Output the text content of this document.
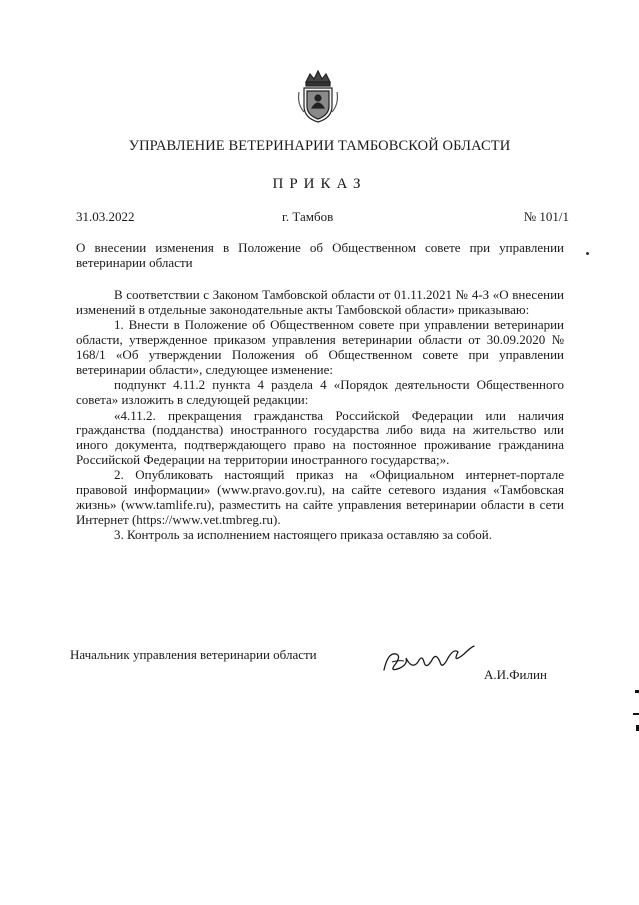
УПРАВЛЕНИЕ ВЕТЕРИНАРИИ ТАМБОВСКОЙ ОБЛАСТИ
ПРИКАЗ
31.03.2022	г. Тамбов	№ 101/1
О внесении изменения в Положение об Общественном совете при управлении ветеринарии области

В соответствии с Законом Тамбовской области от 01.11.2021 № 4-З «О внесении изменений в отдельные законодательные акты Тамбовской области» приказываю:

1. Внести в Положение об Общественном совете при управлении ветеринарии области, утвержденное приказом управления ветеринарии области от 30.09.2020 № 168/1 «Об утверждении Положения об Общественном совете при управлении ветеринарии области», следующее изменение:

подпункт 4.11.2 пункта 4 раздела 4 «Порядок деятельности Общественного совета» изложить в следующей редакции:

«4.11.2. прекращения гражданства Российской Федерации или наличия гражданства (подданства) иностранного государства либо вида на жительство или иного документа, подтверждающего право на постоянное проживание гражданина Российской Федерации на территории иностранного государства;».

2. Опубликовать настоящий приказ на «Официальном интернет-портале правовой информации» (www.pravo.gov.ru), на сайте сетевого издания «Тамбовская жизнь» (www.tamlife.ru), разместить на сайте управления ветеринарии области в сети Интернет (https://www.vet.tmbreg.ru).

3. Контроль за исполнением настоящего приказа оставляю за собой.

Начальник управления ветеринарии области
А.И.Филин
